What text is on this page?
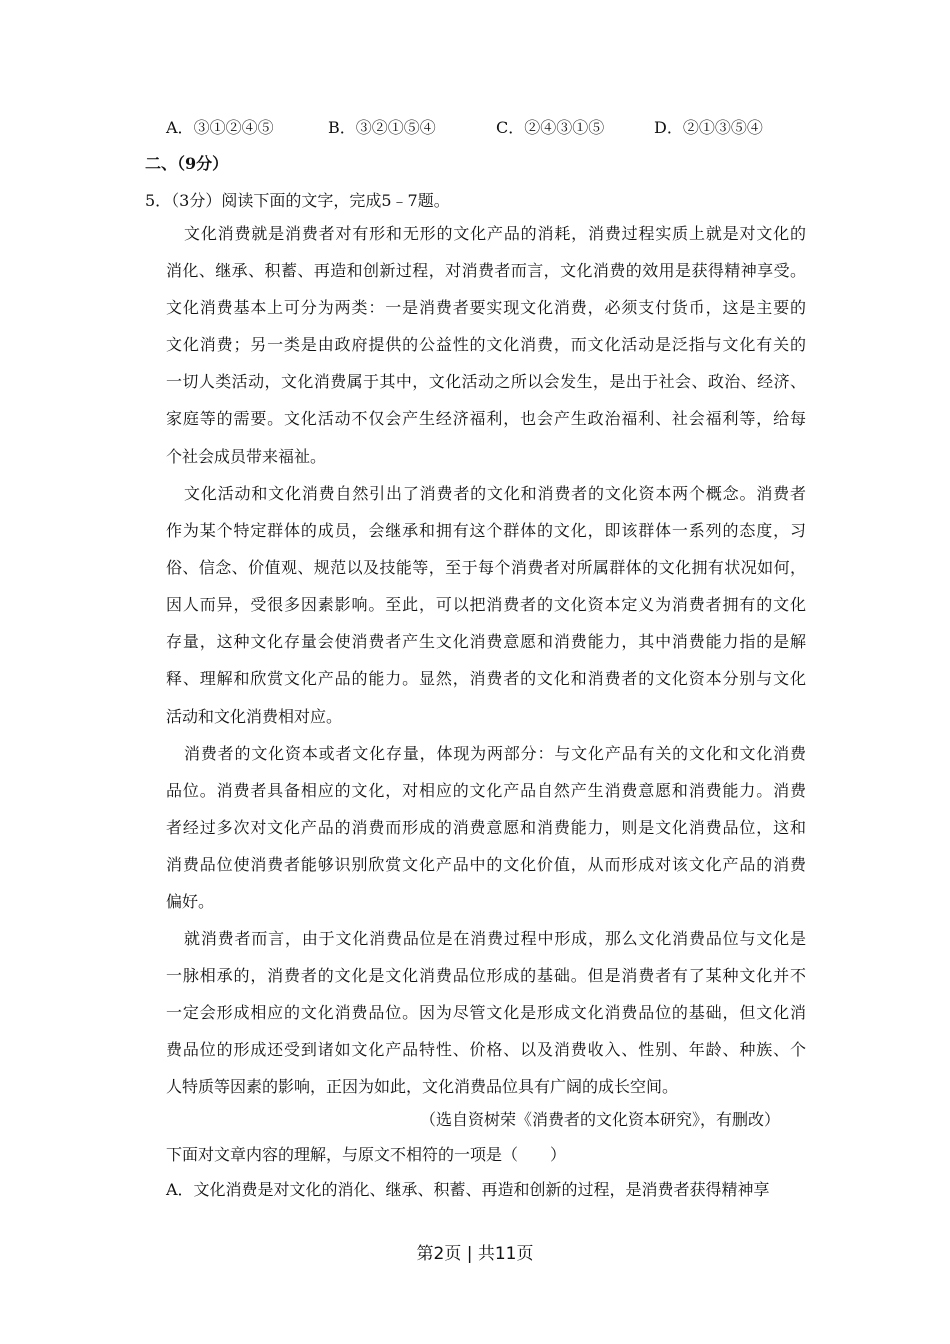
A．③①②④⑤	B．③②①⑤④	C．②④③①⑤	D．②①③⑤④
二、（9分）
5．（3分）阅读下面的文字，完成5﹣7题。
文化消费就是消费者对有形和无形的文化产品的消耗，消费过程实质上就是对文化的
消化、继承、积蓄、再造和创新过程，对消费者而言，文化消费的效用是获得精神享受。
文化消费基本上可分为两类：一是消费者要实现文化消费，必须支付货币，这是主要的
文化消费；另一类是由政府提供的公益性的文化消费，而文化活动是泛指与文化有关的
一切人类活动，文化消费属于其中，文化活动之所以会发生，是出于社会、政治、经济、
家庭等的需要。文化活动不仅会产生经济福利，也会产生政治福利、社会福利等，给每
个社会成员带来福祉。
文化活动和文化消费自然引出了消费者的文化和消费者的文化资本两个概念。消费者
作为某个特定群体的成员，会继承和拥有这个群体的文化，即该群体一系列的态度，习
俗、信念、价值观、规范以及技能等，至于每个消费者对所属群体的文化拥有状况如何，
因人而异，受很多因素影响。至此，可以把消费者的文化资本定义为消费者拥有的文化
存量，这种文化存量会使消费者产生文化消费意愿和消费能力，其中消费能力指的是解
释、理解和欣赏文化产品的能力。显然，消费者的文化和消费者的文化资本分别与文化
活动和文化消费相对应。
消费者的文化资本或者文化存量，体现为两部分：与文化产品有关的文化和文化消费
品位。消费者具备相应的文化，对相应的文化产品自然产生消费意愿和消费能力。消费
者经过多次对文化产品的消费而形成的消费意愿和消费能力，则是文化消费品位，这和
消费品位使消费者能够识别欣赏文化产品中的文化价值，从而形成对该文化产品的消费
偏好。
就消费者而言，由于文化消费品位是在消费过程中形成，那么文化消费品位与文化是
一脉相承的，消费者的文化是文化消费品位形成的基础。但是消费者有了某种文化并不
一定会形成相应的文化消费品位。因为尽管文化是形成文化消费品位的基础，但文化消
费品位的形成还受到诸如文化产品特性、价格、以及消费收入、性别、年龄、种族、个
人特质等因素的影响，正因为如此，文化消费品位具有广阔的成长空间。
（选自资树荣《消费者的文化资本研究》，有删改）
下面对文章内容的理解，与原文不相符的一项是（　　）
A．文化消费是对文化的消化、继承、积蓄、再造和创新的过程，是消费者获得精神享
第2页 | 共11页
